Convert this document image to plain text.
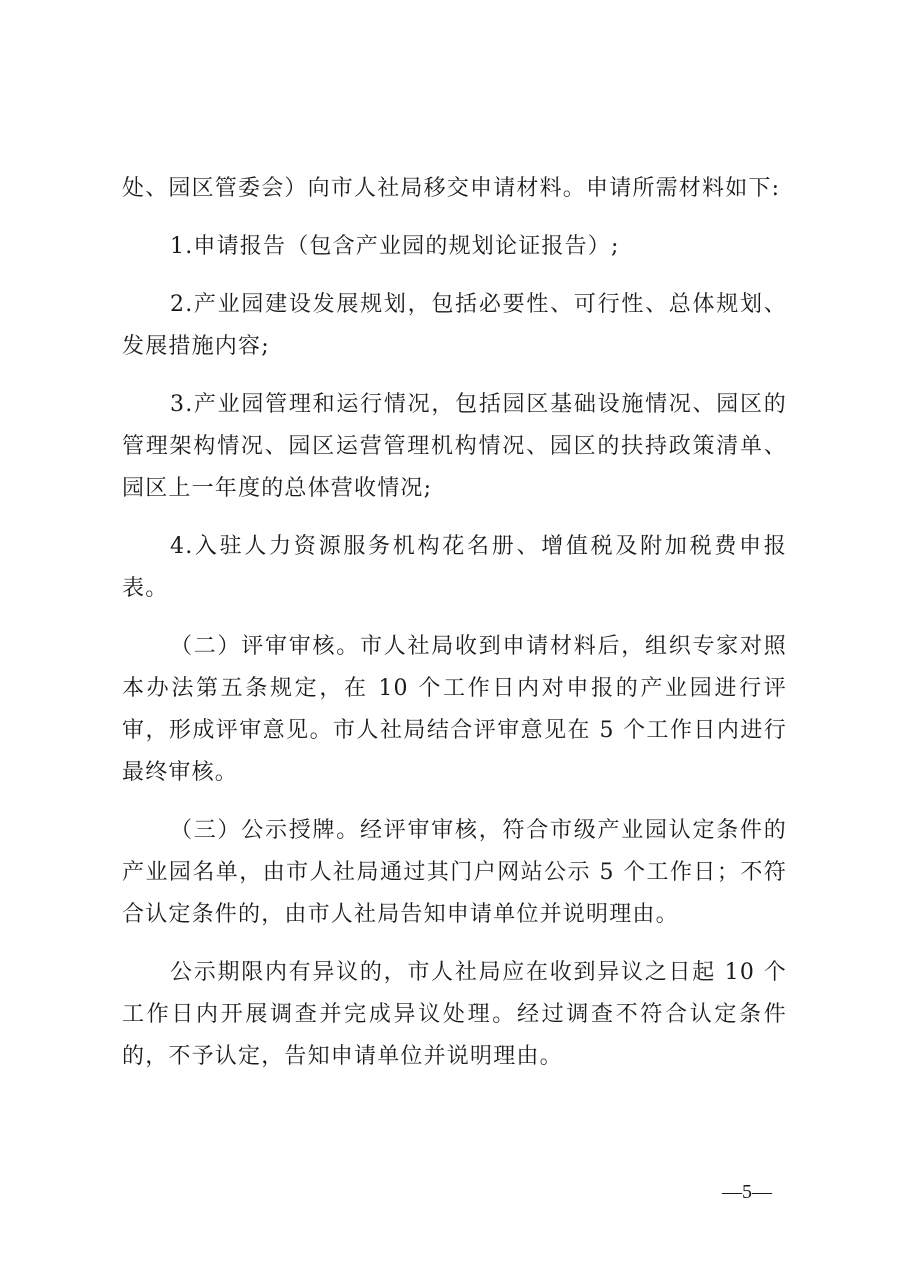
处、园区管委会）向市人社局移交申请材料。申请所需材料如下:

1.申请报告（包含产业园的规划论证报告）;

2.产业园建设发展规划，包括必要性、可行性、总体规划、发展措施内容;

3.产业园管理和运行情况，包括园区基础设施情况、园区的管理架构情况、园区运营管理机构情况、园区的扶持政策清单、园区上一年度的总体营收情况;

4.入驻人力资源服务机构花名册、增值税及附加税费申报表。

（二）评审审核。市人社局收到申请材料后，组织专家对照本办法第五条规定，在 10 个工作日内对申报的产业园进行评审，形成评审意见。市人社局结合评审意见在 5 个工作日内进行最终审核。

（三）公示授牌。经评审审核，符合市级产业园认定条件的产业园名单，由市人社局通过其门户网站公示 5 个工作日；不符合认定条件的，由市人社局告知申请单位并说明理由。

公示期限内有异议的，市人社局应在收到异议之日起 10 个工作日内开展调查并完成异议处理。经过调查不符合认定条件的，不予认定，告知申请单位并说明理由。

—5—
